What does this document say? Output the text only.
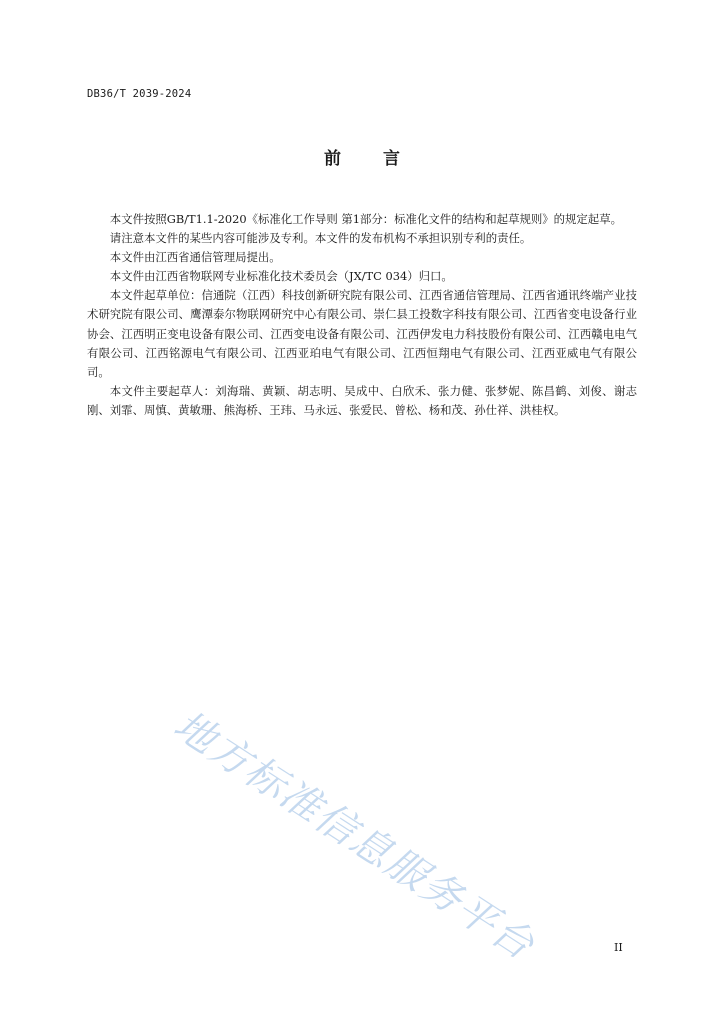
DB36/T 2039-2024
前言

本文件按照GB/T1.1-2020《标准化工作导则 第1部分：标准化文件的结构和起草规则》的规定起草。

请注意本文件的某些内容可能涉及专利。本文件的发布机构不承担识别专利的责任。

本文件由江西省通信管理局提出。

本文件由江西省物联网专业标准化技术委员会（JX/TC 034）归口。

本文件起草单位：信通院（江西）科技创新研究院有限公司、江西省通信管理局、江西省通讯终端产业技术研究院有限公司、鹰潭泰尔物联网研究中心有限公司、崇仁县工投数字科技有限公司、江西省变电设备行业协会、江西明正变电设备有限公司、江西变电设备有限公司、江西伊发电力科技股份有限公司、江西赣电电气有限公司、江西铭源电气有限公司、江西亚珀电气有限公司、江西恒翔电气有限公司、江西亚威电气有限公司。

本文件主要起草人：刘海瑞、黄颖、胡志明、吴成中、白欣禾、张力健、张梦妮、陈昌鹤、刘俊、谢志刚、刘霏、周慎、黄敏珊、熊海桥、王玮、马永远、张爱民、曾松、杨和茂、孙仕祥、洪桂权。

地方标准信息服务平台	II
